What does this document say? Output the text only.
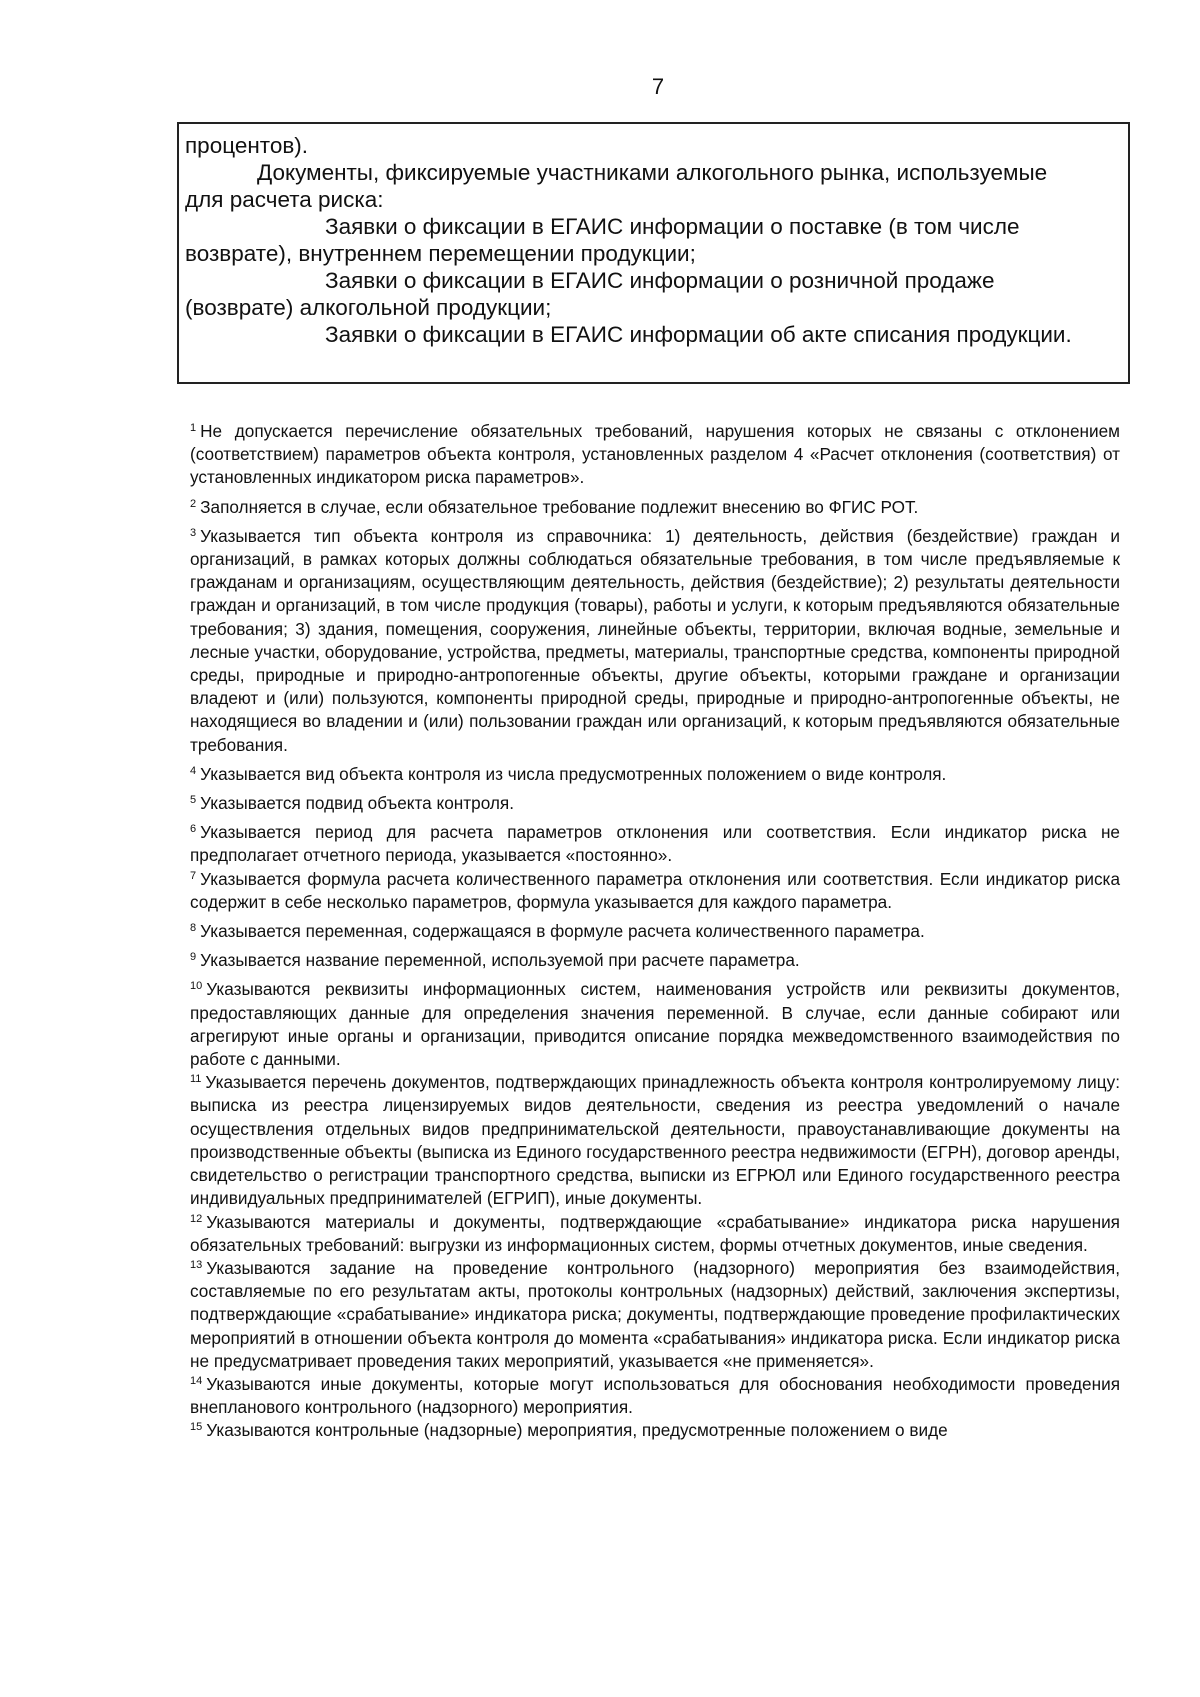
7

процентов).

Документы, фиксируемые участниками алкогольного рынка, используемые

для расчета риска:

Заявки о фиксации в ЕГАИС информации о поставке (в том числе

возврате), внутреннем перемещении продукции;

Заявки о фиксации в ЕГАИС информации о розничной продаже

(возврате) алкогольной продукции;

Заявки о фиксации в ЕГАИС информации об акте списания продукции.

$^1$ Не допускается перечисление обязательных требований, нарушения которых не связаны с отклонением (соответствием) параметров объекта контроля, установленных разделом 4 «Расчет отклонения (соответствия) от установленных индикатором риска параметров».

$^2$ Заполняется в случае, если обязательное требование подлежит внесению во ФГИС РОТ.

$^3$ Указывается тип объекта контроля из справочника: 1) деятельность, действия (бездействие) граждан и организаций, в рамках которых должны соблюдаться обязательные требования, в том числе предъявляемые к гражданам и организациям, осуществляющим деятельность, действия (бездействие); 2) результаты деятельности граждан и организаций, в том числе продукция (товары), работы и услуги, к которым предъявляются обязательные требования; 3) здания, помещения, сооружения, линейные объекты, территории, включая водные, земельные и лесные участки, оборудование, устройства, предметы, материалы, транспортные средства, компоненты природной среды, природные и природно-антропогенные объекты, другие объекты, которыми граждане и организации владеют и (или) пользуются, компоненты природной среды, природные и природно-антропогенные объекты, не находящиеся во владении и (или) пользовании граждан или организаций, к которым предъявляются обязательные требования.

$^4$ Указывается вид объекта контроля из числа предусмотренных положением о виде контроля.

$^5$ Указывается подвид объекта контроля.

$^6$ Указывается период для расчета параметров отклонения или соответствия. Если индикатор риска не предполагает отчетного периода, указывается «постоянно».

$^7$ Указывается формула расчета количественного параметра отклонения или соответствия. Если индикатор риска содержит в себе несколько параметров, формула указывается для каждого параметра.

$^8$ Указывается переменная, содержащаяся в формуле расчета количественного параметра.

$^9$ Указывается название переменной, используемой при расчете параметра.

$^{10}$ Указываются реквизиты информационных систем, наименования устройств или реквизиты документов, предоставляющих данные для определения значения переменной. В случае, если данные собирают или агрегируют иные органы и организации, приводится описание порядка межведомственного взаимодействия по работе с данными.

$^{11}$ Указывается перечень документов, подтверждающих принадлежность объекта контроля контролируемому лицу: выписка из реестра лицензируемых видов деятельности, сведения из реестра уведомлений о начале осуществления отдельных видов предпринимательской деятельности, правоустанавливающие документы на производственные объекты (выписка из Единого государственного реестра недвижимости (ЕГРН), договор аренды, свидетельство о регистрации транспортного средства, выписки из ЕГРЮЛ или Единого государственного реестра индивидуальных предпринимателей (ЕГРИП), иные документы.

$^{12}$ Указываются материалы и документы, подтверждающие «срабатывание» индикатора риска нарушения обязательных требований: выгрузки из информационных систем, формы отчетных документов, иные сведения.

$^{13}$ Указываются задание на проведение контрольного (надзорного) мероприятия без взаимодействия, составляемые по его результатам акты, протоколы контрольных (надзорных) действий, заключения экспертизы, подтверждающие «срабатывание» индикатора риска; документы, подтверждающие проведение профилактических мероприятий в отношении объекта контроля до момента «срабатывания» индикатора риска. Если индикатор риска не предусматривает проведения таких мероприятий, указывается «не применяется».

$^{14}$ Указываются иные документы, которые могут использоваться для обоснования необходимости проведения внепланового контрольного (надзорного) мероприятия.

$^{15}$ Указываются контрольные (надзорные) мероприятия, предусмотренные положением о виде
